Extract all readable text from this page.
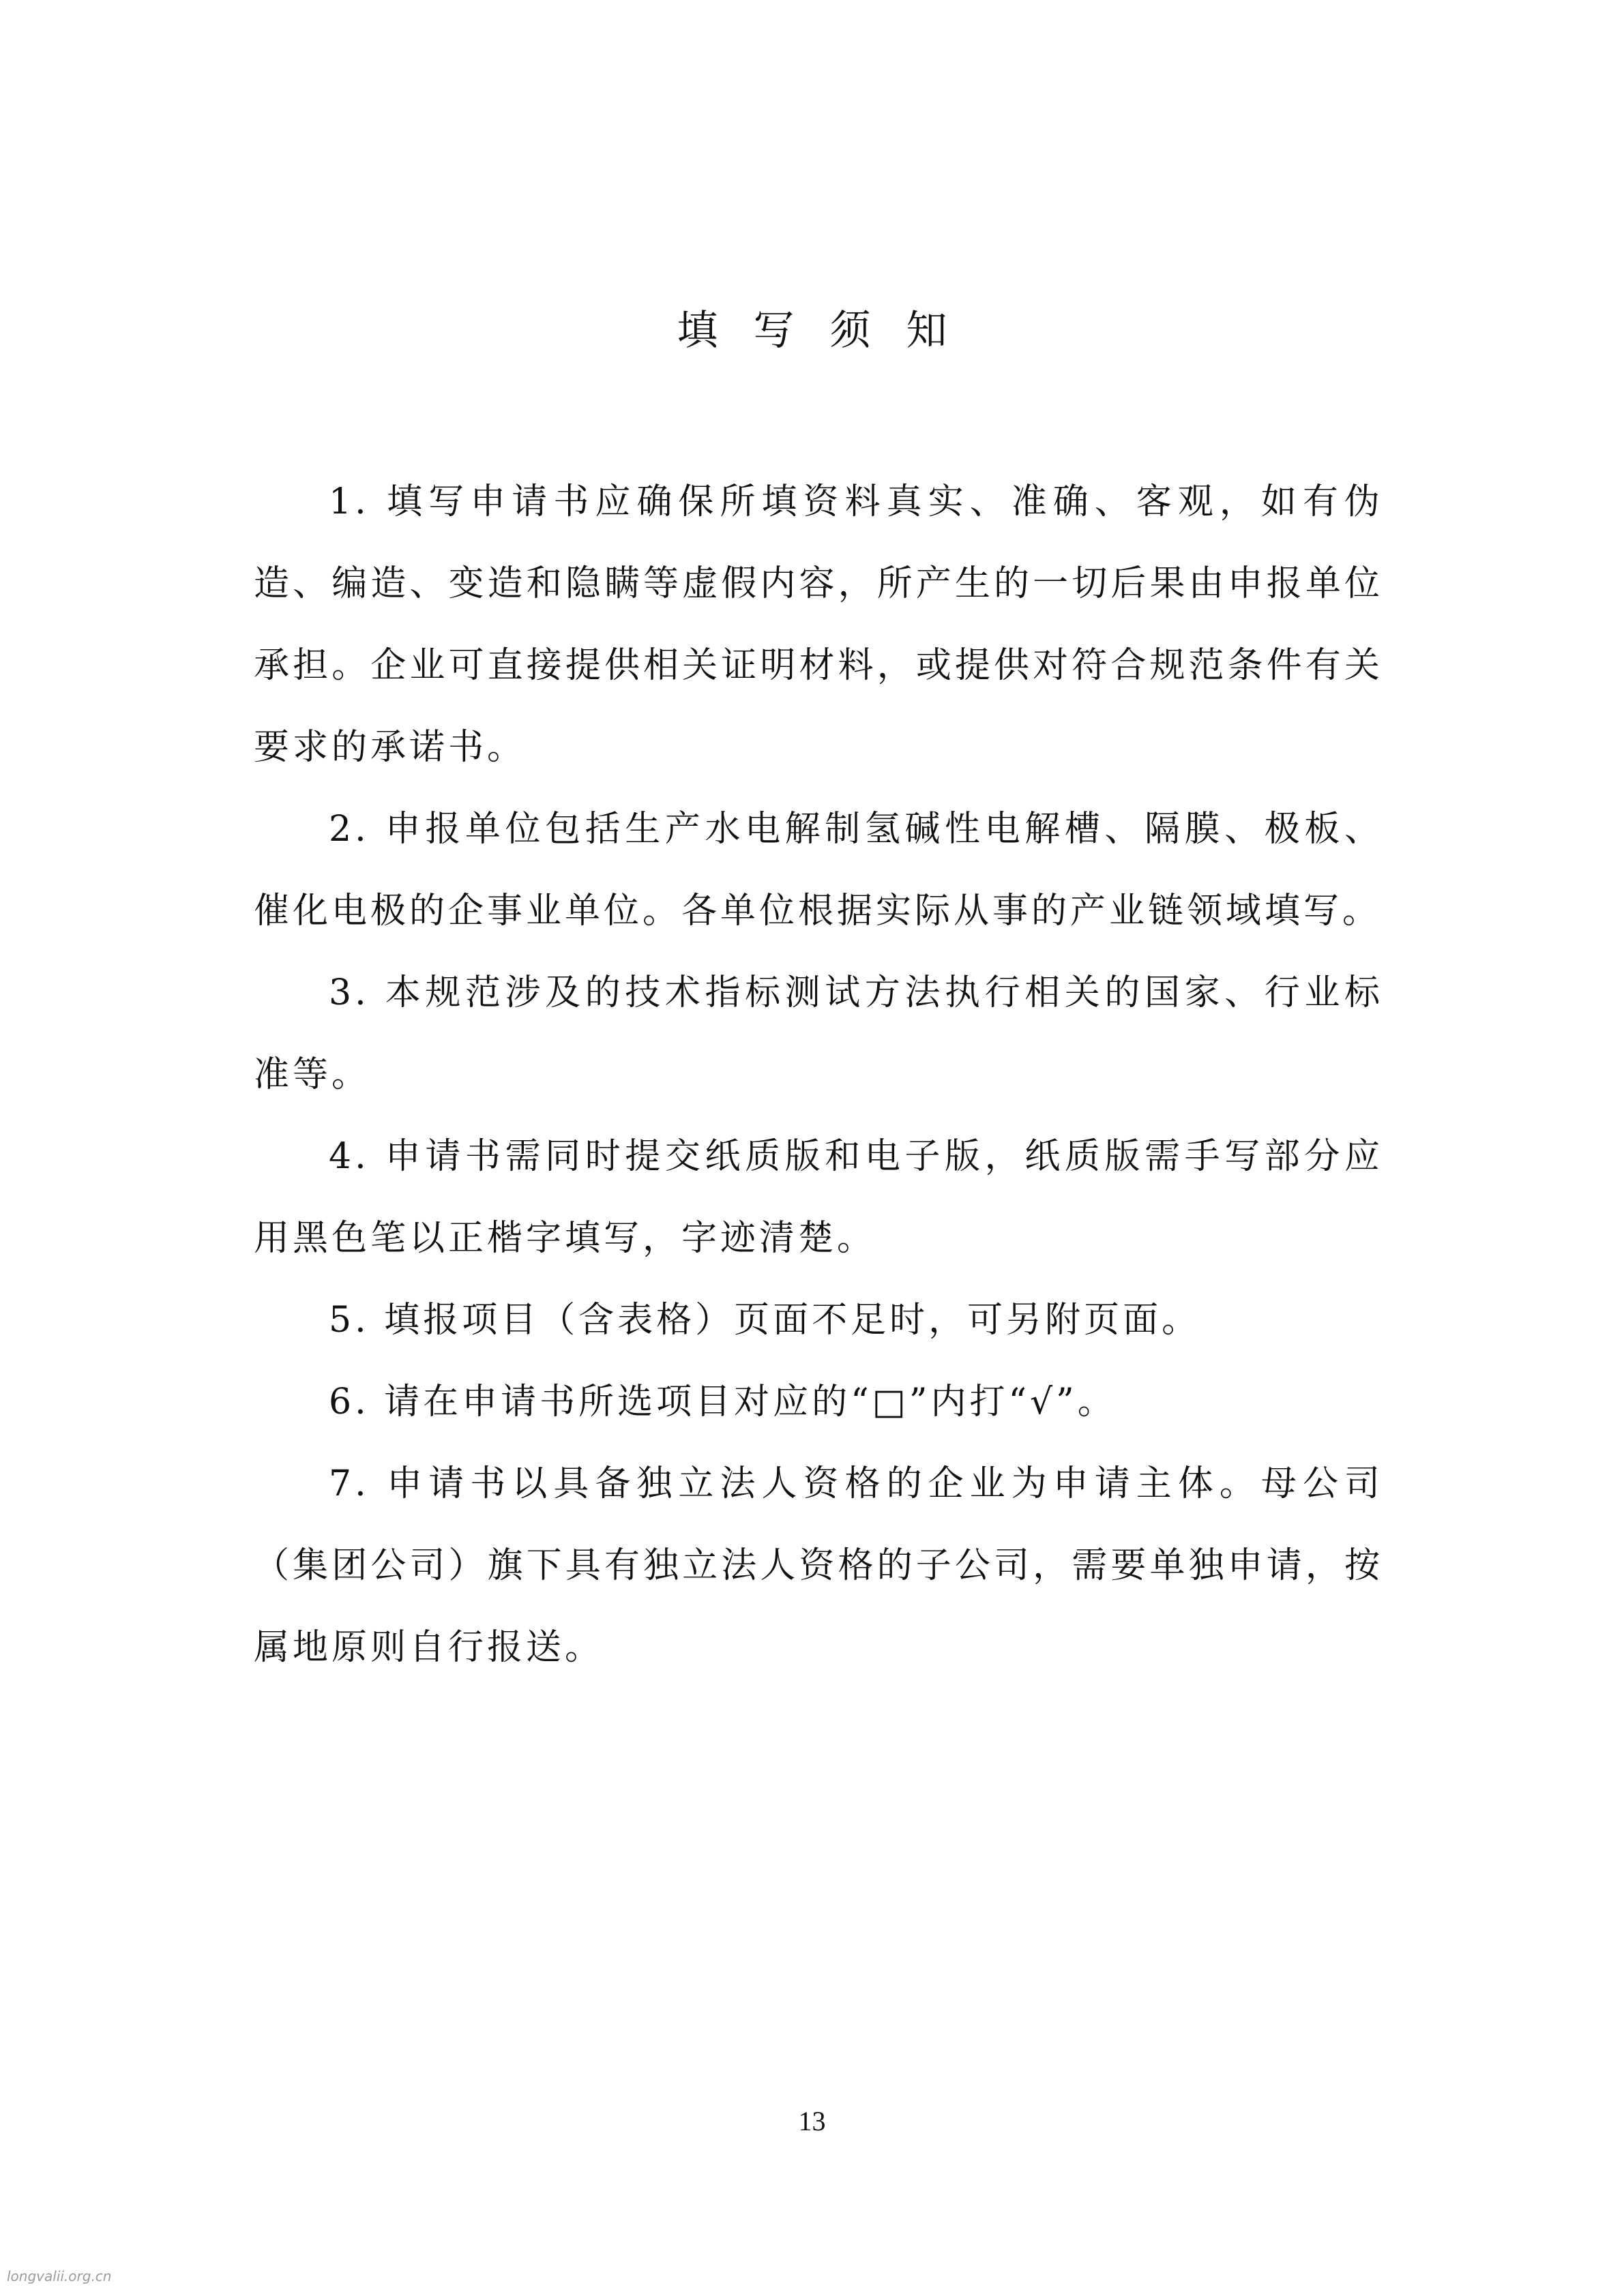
填写须知

1. 填写申请书应确保所填资料真实、准确、客观，如有伪造、编造、变造和隐瞒等虚假内容，所产生的一切后果由申报单位承担。企业可直接提供相关证明材料，或提供对符合规范条件有关要求的承诺书。

2. 申报单位包括生产水电解制氢碱性电解槽、隔膜、极板、催化电极的企事业单位。各单位根据实际从事的产业链领域填写。

3. 本规范涉及的技术指标测试方法执行相关的国家、行业标准等。

4. 申请书需同时提交纸质版和电子版，纸质版需手写部分应用黑色笔以正楷字填写，字迹清楚。

5. 填报项目（含表格）页面不足时，可另附页面。

6. 请在申请书所选项目对应的“□”内打“√”。

7. 申请书以具备独立法人资格的企业为申请主体。母公司（集团公司）旗下具有独立法人资格的子公司，需要单独申请，按属地原则自行报送。

13
longvalii.org.cn
